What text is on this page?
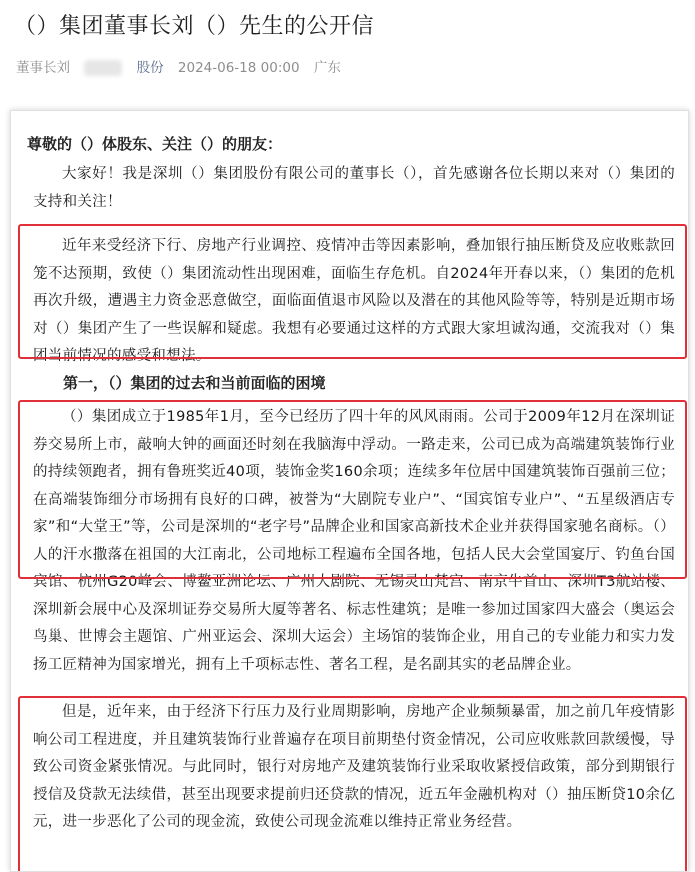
（）集团董事长刘（）先生的公开信
董事长刘	股份 2024-06-18 00:00 广东
尊敬的（）体股东、关注（）的朋友：
大家好！我是深圳（）集团股份有限公司的董事长（），首先感谢各位长期以来对（）集团的支持和关注！
近年来受经济下行、房地产行业调控、疫情冲击等因素影响，叠加银行抽压断贷及应收账款回笼不达预期，致使（）集团流动性出现困难，面临生存危机。自2024年开春以来，（）集团的危机再次升级，遭遇主力资金恶意做空，面临面值退市风险以及潜在的其他风险等等，特别是近期市场对（）集团产生了一些误解和疑虑。我想有必要通过这样的方式跟大家坦诚沟通，交流我对（）集团当前情况的感受和想法。
第一，（）集团的过去和当前面临的困境
（）集团成立于1985年1月，至今已经历了四十年的风风雨雨。公司于2009年12月在深圳证券交易所上市，敲响大钟的画面还时刻在我脑海中浮动。一路走来，公司已成为高端建筑装饰行业的持续领跑者，拥有鲁班奖近40项，装饰金奖160余项；连续多年位居中国建筑装饰百强前三位；在高端装饰细分市场拥有良好的口碑，被誉为“大剧院专业户”、“国宾馆专业户”、“五星级酒店专家”和“大堂王”等，公司是深圳的“老字号”品牌企业和国家高新技术企业并获得国家驰名商标。（）人的汗水撒落在祖国的大江南北，公司地标工程遍布全国各地，包括人民大会堂国宴厅、钓鱼台国宾馆、杭州G20峰会、博鳌亚洲论坛、广州大剧院、无锡灵山梵宫、南京牛首山、深圳T3航站楼、深圳新会展中心及深圳证券交易所大厦等著名、标志性建筑；是唯一参加过国家四大盛会（奥运会鸟巢、世博会主题馆、广州亚运会、深圳大运会）主场馆的装饰企业，用自己的专业能力和实力发扬工匠精神为国家增光，拥有上千项标志性、著名工程，是名副其实的老品牌企业。
但是，近年来，由于经济下行压力及行业周期影响，房地产企业频频暴雷，加之前几年疫情影响公司工程进度，并且建筑装饰行业普遍存在项目前期垫付资金情况，公司应收账款回款缓慢，导致公司资金紧张情况。与此同时，银行对房地产及建筑装饰行业采取收紧授信政策，部分到期银行授信及贷款无法续借，甚至出现要求提前归还贷款的情况，近五年金融机构对（）抽压断贷10余亿元，进一步恶化了公司的现金流，致使公司现金流难以维持正常业务经营。
